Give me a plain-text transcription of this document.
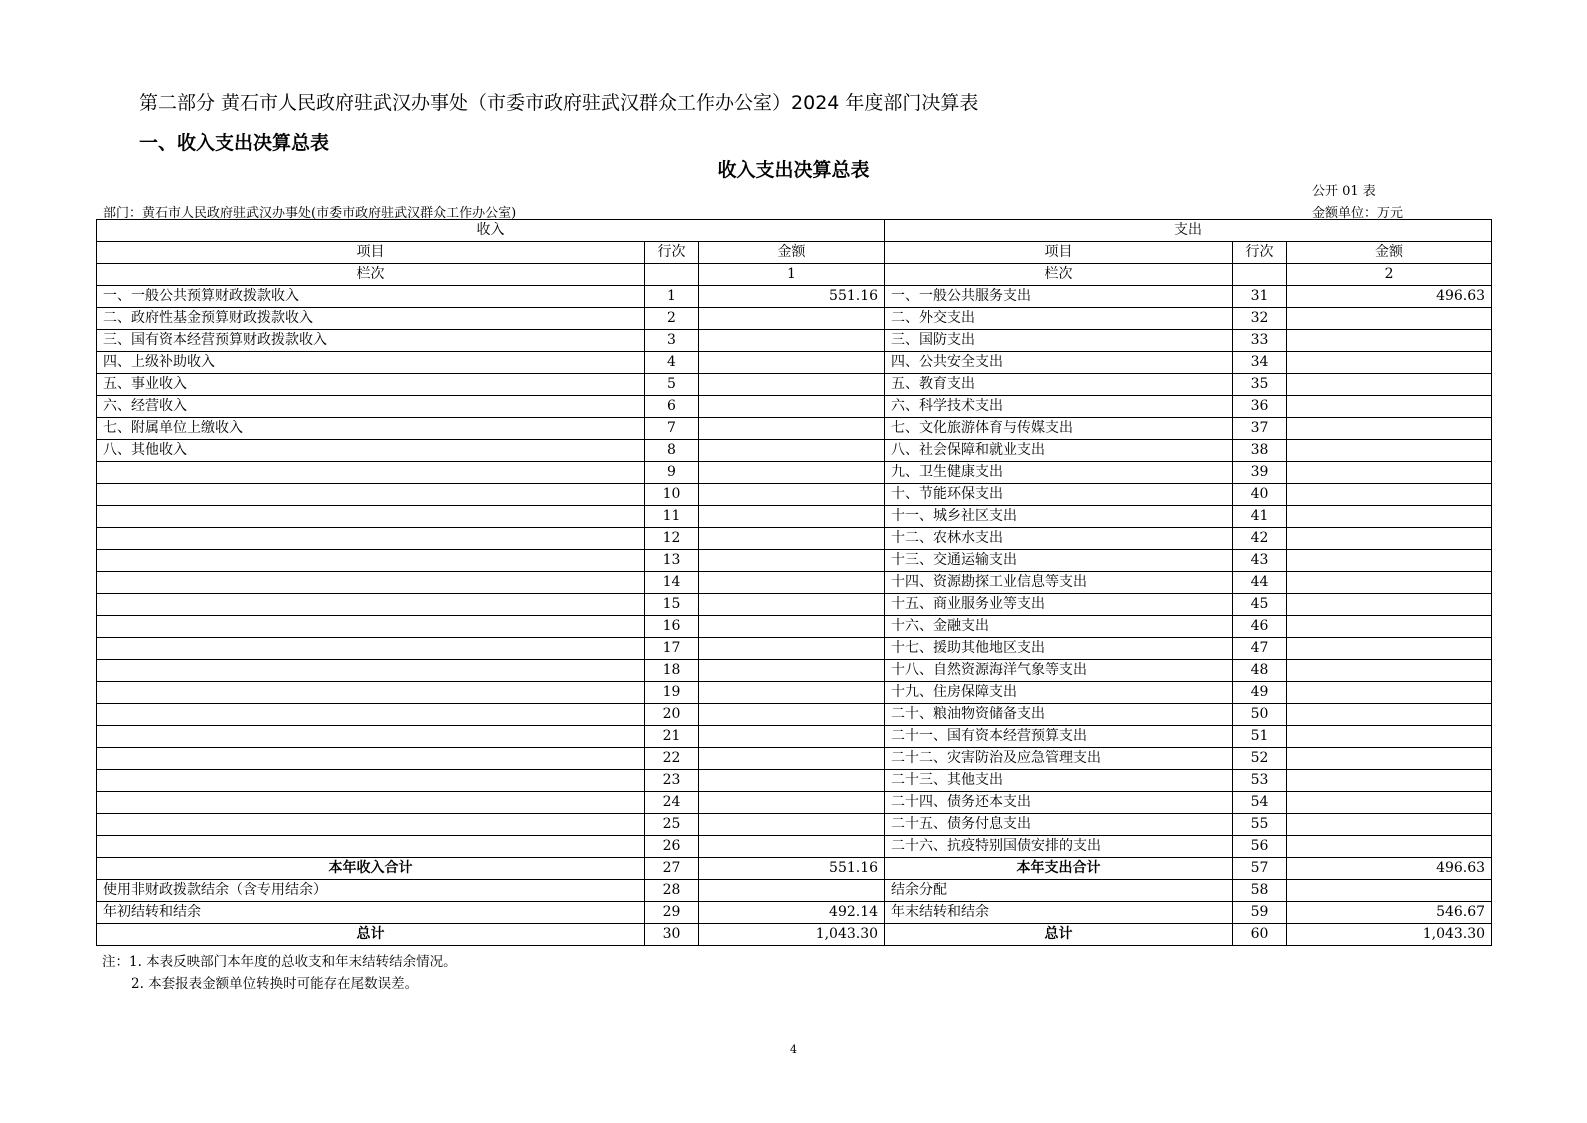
第二部分 黄石市人民政府驻武汉办事处（市委市政府驻武汉群众工作办公室）2024 年度部门决算表
一、收入支出决算总表
收入支出决算总表
公开 01 表
部门：黄石市人民政府驻武汉办事处(市委市政府驻武汉群众工作办公室)	金额单位：万元
收入			支出		
项目	行次	金额	项目	行次	金额
栏次		1	栏次		2
一、一般公共预算财政拨款收入	1	551.16	一、一般公共服务支出	31	496.63
二、政府性基金预算财政拨款收入	2		二、外交支出	32	
三、国有资本经营预算财政拨款收入	3		三、国防支出	33	
四、上级补助收入	4		四、公共安全支出	34	
五、事业收入	5		五、教育支出	35	
六、经营收入	6		六、科学技术支出	36	
七、附属单位上缴收入	7		七、文化旅游体育与传媒支出	37	
八、其他收入	8		八、社会保障和就业支出	38	
	9		九、卫生健康支出	39	
	10		十、节能环保支出	40	
	11		十一、城乡社区支出	41	
	12		十二、农林水支出	42	
	13		十三、交通运输支出	43	
	14		十四、资源勘探工业信息等支出	44	
	15		十五、商业服务业等支出	45	
	16		十六、金融支出	46	
	17		十七、援助其他地区支出	47	
	18		十八、自然资源海洋气象等支出	48	
	19		十九、住房保障支出	49	
	20		二十、粮油物资储备支出	50	
	21		二十一、国有资本经营预算支出	51	
	22		二十二、灾害防治及应急管理支出	52	
	23		二十三、其他支出	53	
	24		二十四、债务还本支出	54	
	25		二十五、债务付息支出	55	
	26		二十六、抗疫特别国债安排的支出	56	
本年收入合计	27	551.16	本年支出合计	57	496.63
使用非财政拨款结余（含专用结余）	28		结余分配	58	
年初结转和结余	29	492.14	年末结转和结余	59	546.67
总计	30	1,043.30	总计	60	1,043.30
注：1. 本表反映部门本年度的总收支和年末结转结余情况。
2. 本套报表金额单位转换时可能存在尾数误差。
4
